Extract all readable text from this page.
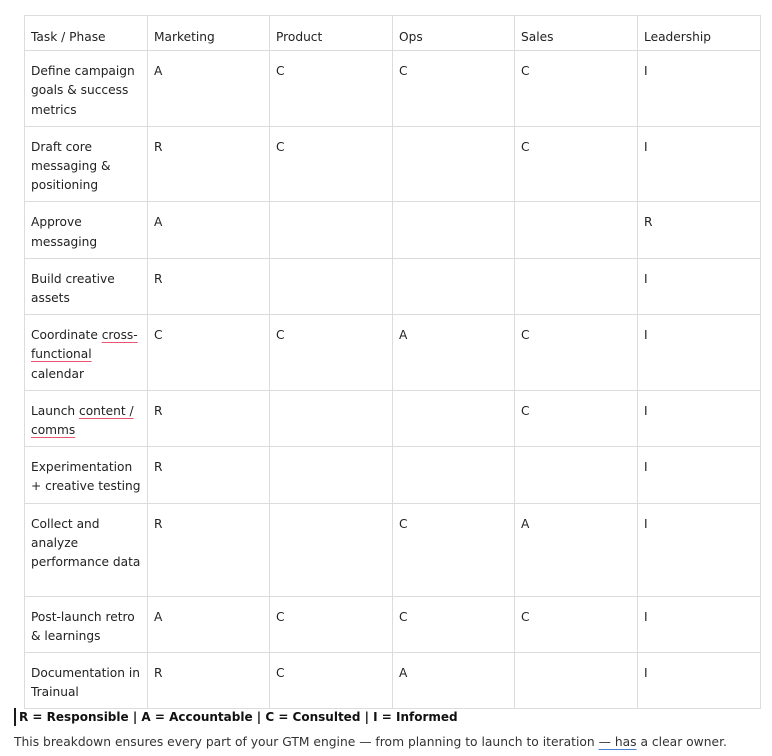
Task / Phase	Marketing	Product	Ops	Sales	Leadership
Define campaign goals & success metrics	A	C	C	C	I
Draft core messaging & positioning	R	C		C	I
Approve messaging	A				R
Build creative assets	R				I
Coordinate cross-functional calendar	C	C	A	C	I
Launch content / comms	R			C	I
Experimentation + creative testing	R				I
Collect and analyze performance data	R		C	A	I
Post-launch retro & learnings	A	C	C	C	I
Documentation in Trainual	R	C	A		I
R = Responsible | A = Accountable | C = Consulted | I = Informed
This breakdown ensures every part of your GTM engine — from planning to launch to iteration — has a clear owner.
